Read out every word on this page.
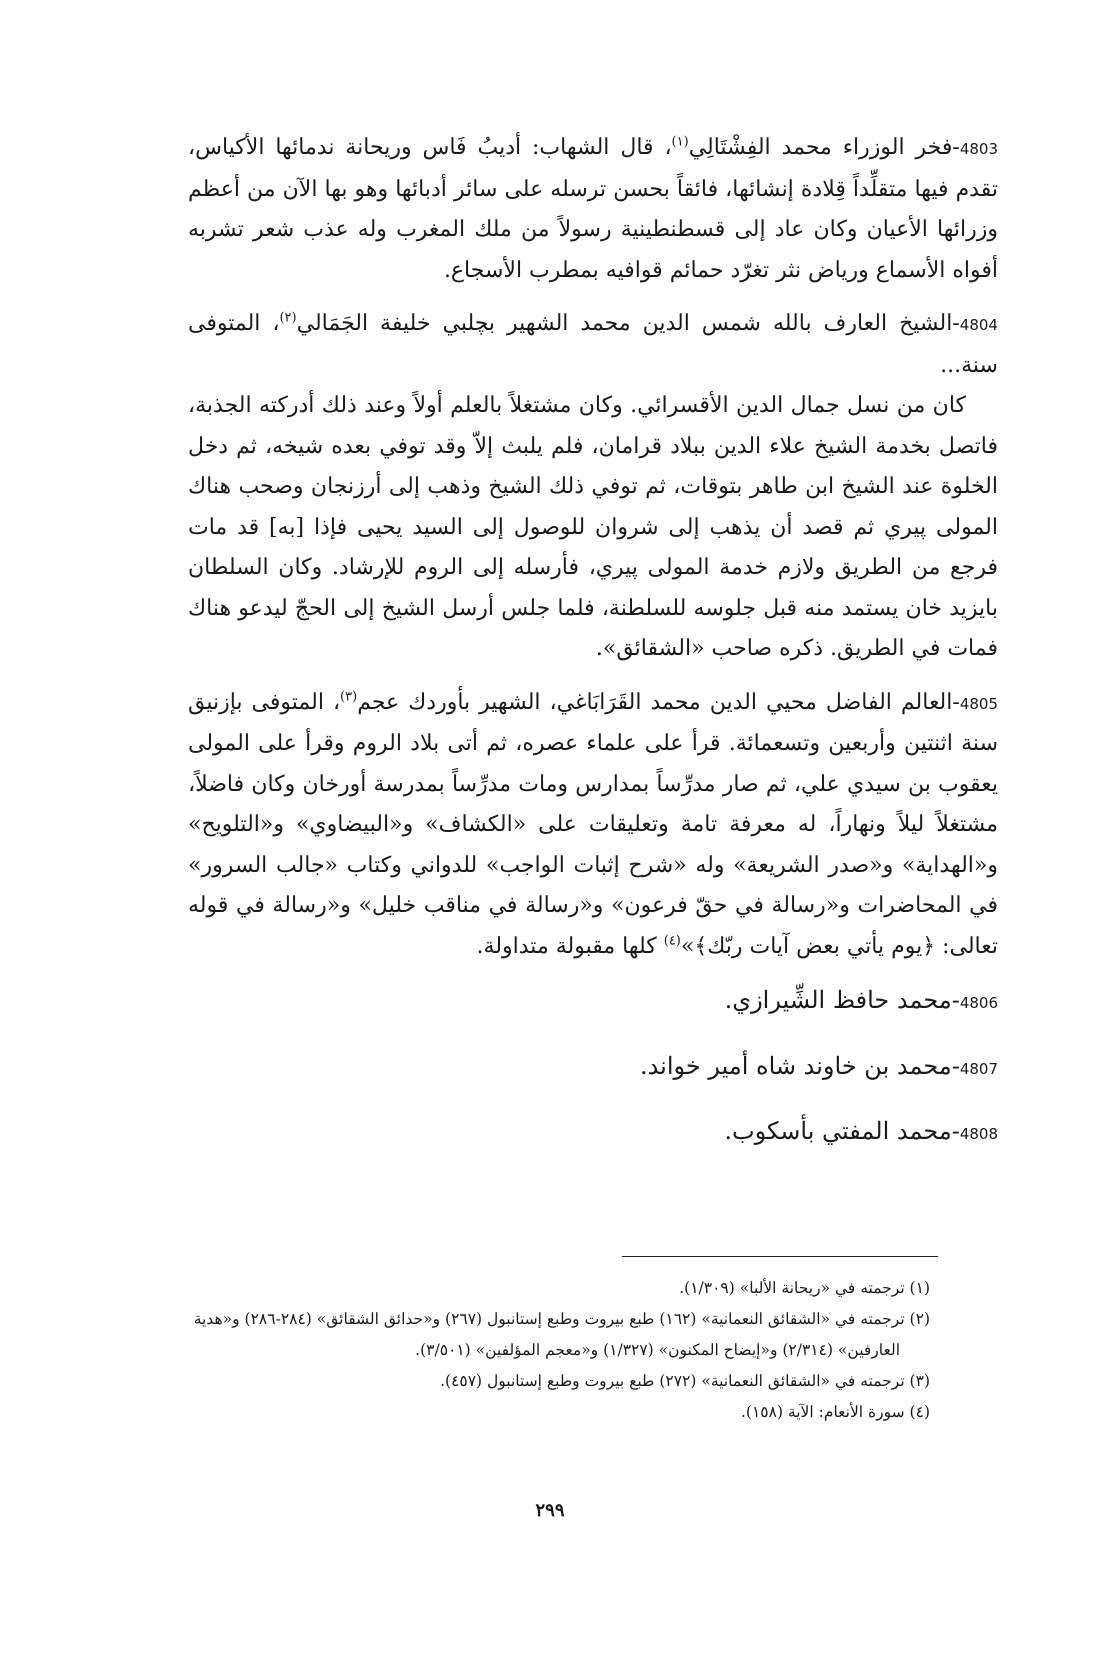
4803-فخر الوزراء محمد الفِشْتَالِي$^{(١)}$، قال الشهاب: أديبُ فَاس وريحانة ندمائها الأكياس، تقدم فيها متقلِّداً قِلادة إنشائها، فائقاً بحسن ترسله على سائر أدبائها وهو بها الآن من أعظم وزرائها الأعيان وكان عاد إلى قسطنطينية رسولاً من ملك المغرب وله عذب شعر تشربه أفواه الأسماع ورياض نثر تغرّد حمائم قوافيه بمطرب الأسجاع.

4804-الشيخ العارف بالله شمس الدين محمد الشهير بچلبي خليفة الجَمَالي$^{(٢)}$، المتوفى سنة...

كان من نسل جمال الدين الأقسرائي. وكان مشتغلاً بالعلم أولاً وعند ذلك أدركته الجذبة، فاتصل بخدمة الشيخ علاء الدين ببلاد قرامان، فلم يلبث إلاّ وقد توفي بعده شيخه، ثم دخل الخلوة عند الشيخ ابن طاهر بتوقات، ثم توفي ذلك الشيخ وذهب إلى أرزنجان وصحب هناك المولى پيري ثم قصد أن يذهب إلى شروان للوصول إلى السيد يحيى فإذا [به] قد مات فرجع من الطريق ولازم خدمة المولى پيري، فأرسله إلى الروم للإرشاد. وكان السلطان بايزيد خان يستمد منه قبل جلوسه للسلطنة، فلما جلس أرسل الشيخ إلى الحجّ ليدعو هناك فمات في الطريق. ذكره صاحب «الشقائق».

4805-العالم الفاضل محيي الدين محمد القَرَابَاغي، الشهير بأوردك عجم$^{(٣)}$، المتوفى بإزنيق سنة اثنتين وأربعين وتسعمائة. قرأ على علماء عصره، ثم أتى بلاد الروم وقرأ على المولى يعقوب بن سيدي علي، ثم صار مدرِّساً بمدارس ومات مدرِّساً بمدرسة أورخان وكان فاضلاً، مشتغلاً ليلاً ونهاراً، له معرفة تامة وتعليقات على «الكشاف» و«البيضاوي» و«التلويح» و«الهداية» و«صدر الشريعة» وله «شرح إثبات الواجب» للدواني وكتاب «جالب السرور» في المحاضرات و«رسالة في حقّ فرعون» و«رسالة في مناقب خليل» و«رسالة في قوله تعالى: ﴿يوم يأتي بعض آيات ربّك﴾»$^{(٤)}$ كلها مقبولة متداولة.

4806-محمد حافظ الشِّيرازي.

4807-محمد بن خاوند شاه أمير خواند.

4808-محمد المفتي بأسكوب.

(١) ترجمته في «ريحانة الألبا» (١/٣٠٩).

(٢) ترجمته في «الشقائق النعمانية» (١٦٢) طبع بيروت وطبع إستانبول (٢٦٧) و«حدائق الشقائق» (٢٨٤-٢٨٦) و«هدية

العارفين» (٢/٣١٤) و«إيضاح المكنون» (١/٣٢٧) و«معجم المؤلفين» (٣/٥٠١).

(٣) ترجمته في «الشقائق النعمانية» (٢٧٢) طبع بيروت وطبع إستانبول (٤٥٧).

(٤) سورة الأنعام: الآية (١٥٨).

٢٩٩
